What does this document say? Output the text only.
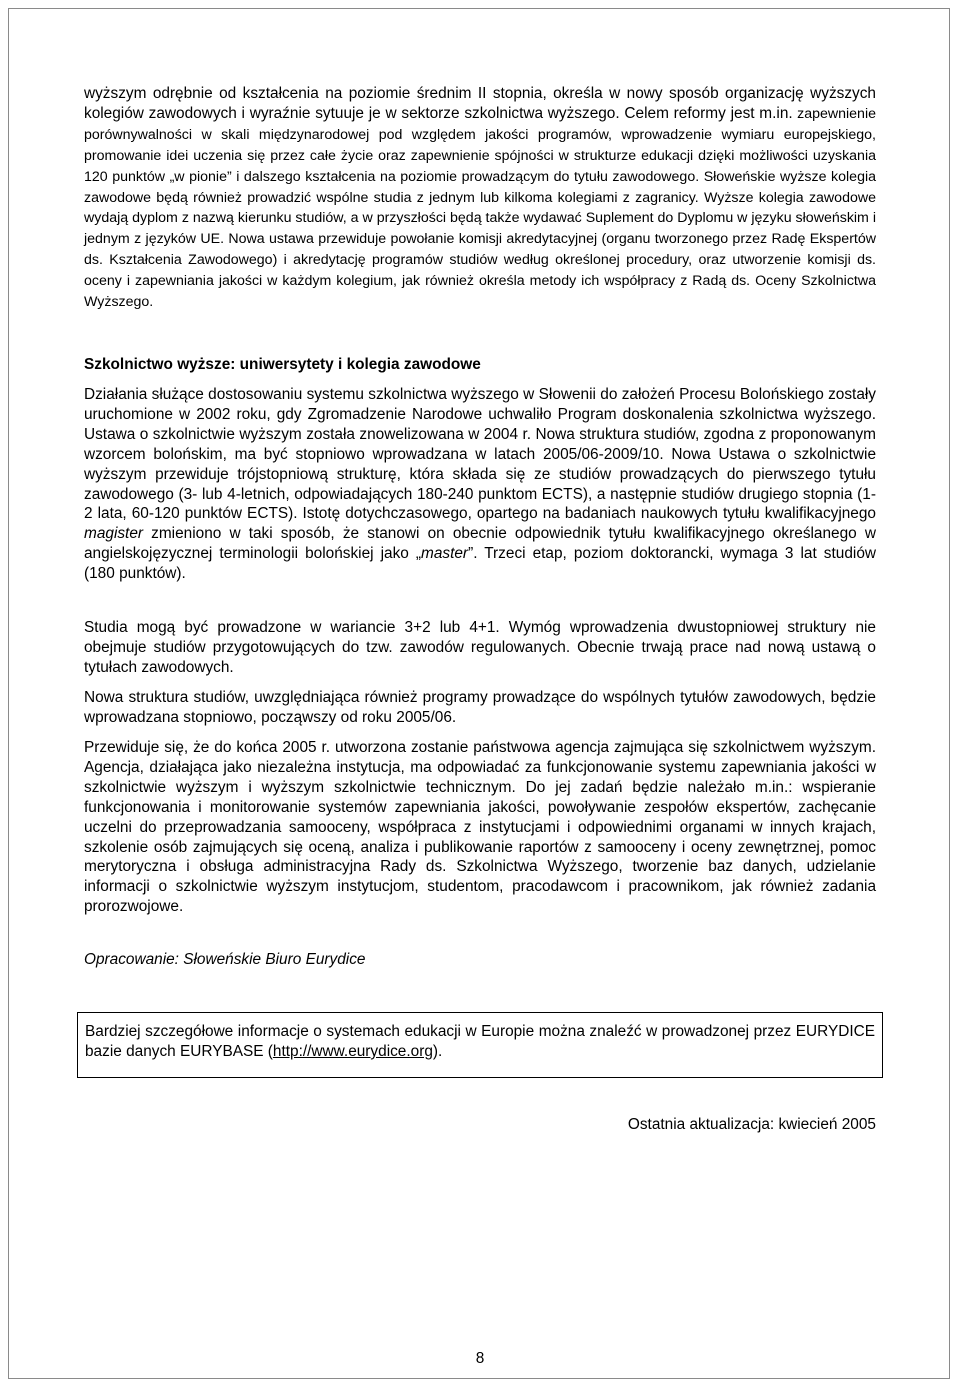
wyższym odrębnie od kształcenia na poziomie średnim II stopnia, określa w nowy sposób organizację wyższych kolegiów zawodowych i wyraźnie sytuuje je w sektorze szkolnictwa wyższego. Celem reformy jest m.in. zapewnienie porównywalności w skali międzynarodowej pod względem jakości programów, wprowadzenie wymiaru europejskiego, promowanie idei uczenia się przez całe życie oraz zapewnienie spójności w strukturze edukacji dzięki możliwości uzyskania 120 punktów „w pionie” i dalszego kształcenia na poziomie prowadzącym do tytułu zawodowego. Słoweńskie wyższe kolegia zawodowe będą również prowadzić wspólne studia z jednym lub kilkoma kolegiami z zagranicy. Wyższe kolegia zawodowe wydają dyplom z nazwą kierunku studiów, a w przyszłości będą także wydawać Suplement do Dyplomu w języku słoweńskim i jednym z języków UE. Nowa ustawa przewiduje powołanie komisji akredytacyjnej (organu tworzonego przez Radę Ekspertów ds. Kształcenia Zawodowego) i akredytację programów studiów według określonej procedury, oraz utworzenie komisji ds. oceny i zapewniania jakości w każdym kolegium, jak również określa metody ich współpracy z Radą ds. Oceny Szkolnictwa Wyższego.
Szkolnictwo wyższe: uniwersytety i kolegia zawodowe
Działania służące dostosowaniu systemu szkolnictwa wyższego w Słowenii do założeń Procesu Bolońskiego zostały uruchomione w 2002 roku, gdy Zgromadzenie Narodowe uchwaliło Program doskonalenia szkolnictwa wyższego. Ustawa o szkolnictwie wyższym została znowelizowana w 2004 r. Nowa struktura studiów, zgodna z proponowanym wzorcem bolońskim, ma być stopniowo wprowadzana w latach 2005/06-2009/10. Nowa Ustawa o szkolnictwie wyższym przewiduje trójstopniową strukturę, która składa się ze studiów prowadzących do pierwszego tytułu zawodowego (3- lub 4-letnich, odpowiadających 180-240 punktom ECTS), a następnie studiów drugiego stopnia (1-2 lata, 60-120 punktów ECTS). Istotę dotychczasowego, opartego na badaniach naukowych tytułu kwalifikacyjnego magister zmieniono w taki sposób, że stanowi on obecnie odpowiednik tytułu kwalifikacyjnego określanego w angielskojęzycznej terminologii bolońskiej jako „master”. Trzeci etap, poziom doktorancki, wymaga 3 lat studiów (180 punktów).
Studia mogą być prowadzone w wariancie 3+2 lub 4+1. Wymóg wprowadzenia dwustopniowej struktury nie obejmuje studiów przygotowujących do tzw. zawodów regulowanych. Obecnie trwają prace nad nową ustawą o tytułach zawodowych.
Nowa struktura studiów, uwzględniająca również programy prowadzące do wspólnych tytułów zawodowych, będzie wprowadzana stopniowo, począwszy od roku 2005/06.
Przewiduje się, że do końca 2005 r. utworzona zostanie państwowa agencja zajmująca się szkolnictwem wyższym. Agencja, działająca jako niezależna instytucja, ma odpowiadać za funkcjonowanie systemu zapewniania jakości w szkolnictwie wyższym i wyższym szkolnictwie technicznym. Do jej zadań będzie należało m.in.: wspieranie funkcjonowania i monitorowanie systemów zapewniania jakości, powoływanie zespołów ekspertów, zachęcanie uczelni do przeprowadzania samooceny, współpraca z instytucjami i odpowiednimi organami w innych krajach, szkolenie osób zajmujących się oceną, analiza i publikowanie raportów z samooceny i oceny zewnętrznej, pomoc merytoryczna i obsługa administracyjna Rady ds. Szkolnictwa Wyższego, tworzenie baz danych, udzielanie informacji o szkolnictwie wyższym instytucjom, studentom, pracodawcom i pracownikom, jak również zadania prorozwojowe.
Opracowanie: Słoweńskie Biuro Eurydice

Bardziej szczegółowe informacje o systemach edukacji w Europie można znaleźć w prowadzonej przez EURYDICE bazie danych EURYBASE (http://www.eurydice.org).

Ostatnia aktualizacja: kwiecień 2005
8
